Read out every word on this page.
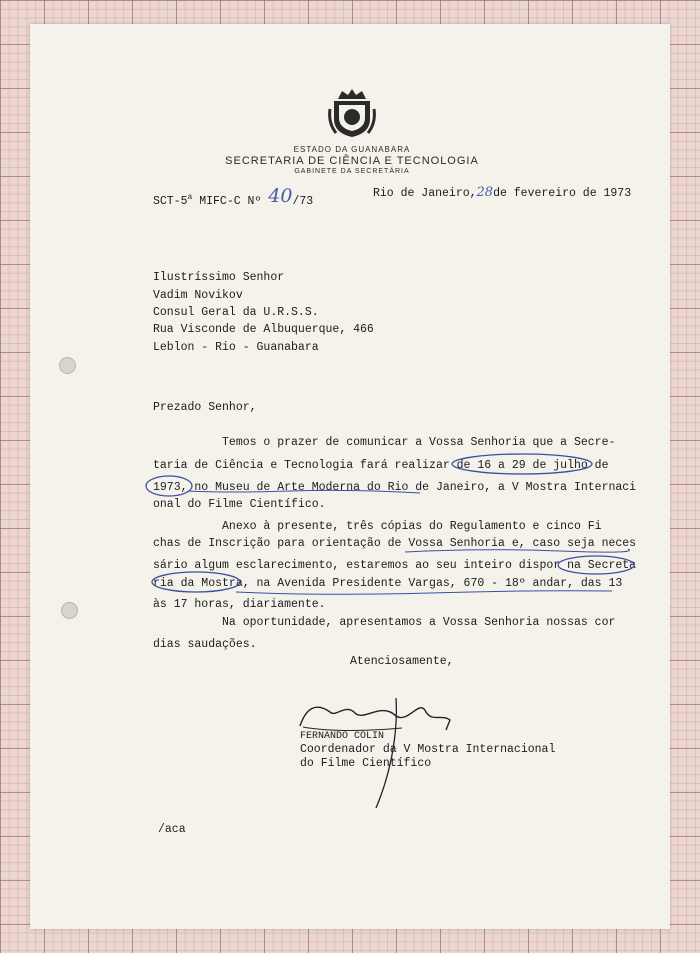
ESTADO DA GUANABARA
SECRETARIA DE CIÊNCIA E TECNOLOGIA
GABINETE DA SECRETÁRIA
SCT-5$^a$ MIFC-C Nº 40/73
Rio de Janeiro,28de fevereiro de 1973
Ilustríssimo Senhor
Vadim Novikov
Consul Geral da U.R.S.S.
Rua Visconde de Albuquerque, 466
Leblon - Rio - Guanabara
Prezado Senhor,
Temos o prazer de comunicar a Vossa Senhoria que a Secre-
taria de Ciência e Tecnologia fará realizar de 16 a 29 de julho de
1973, no Museu de Arte Moderna do Rio de Janeiro, a V Mostra Internaci
onal do Filme Científico.
Anexo à presente, três cópias do Regulamento e cinco Fi
chas de Inscrição para orientação de Vossa Senhoria e, caso seja neces
sário algum esclarecimento, estaremos ao seu inteiro dispor na Secreta
ria da Mostra, na Avenida Presidente Vargas, 670 - 18º andar, das 13
às 17 horas, diariamente.
Na oportunidade, apresentamos a Vossa Senhoria nossas cor
dias saudações.
Atenciosamente,
FERNANDO COLIN
Coordenador da V Mostra Internacional
do Filme Científico
/aca
